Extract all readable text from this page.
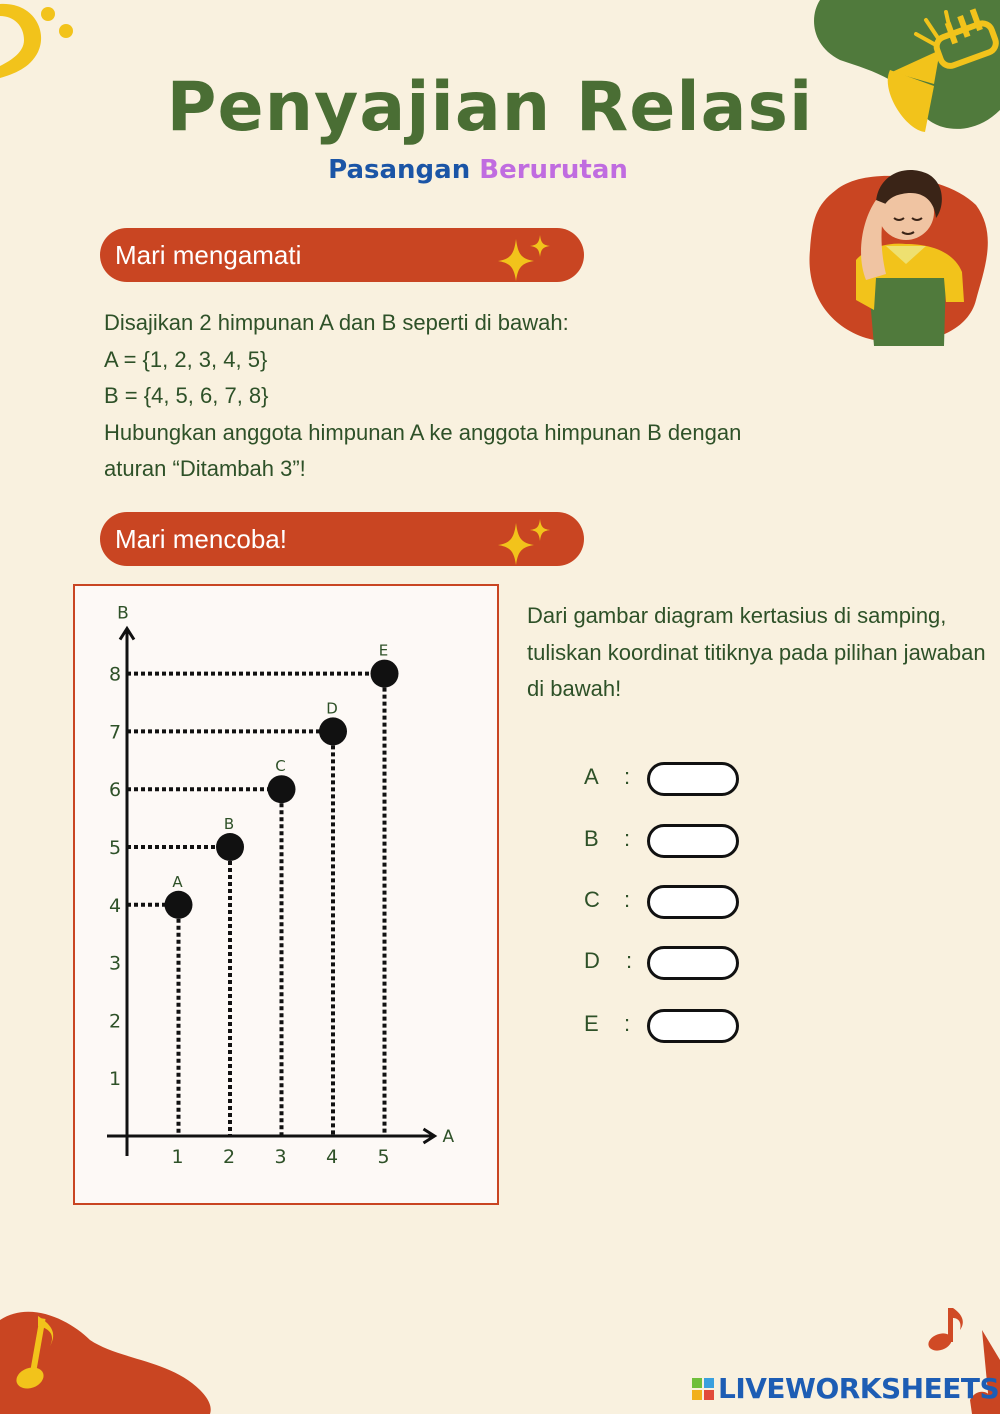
Penyajian Relasi
Pasangan Berurutan
Mari mengamati
Disajikan 2 himpunan A dan B seperti di bawah:
A = {1, 2, 3, 4, 5}
B = {4, 5, 6, 7, 8}
Hubungkan anggota himpunan A ke anggota himpunan B dengan
aturan “Ditambah 3”!
Mari mencoba!
B
A
1 2 3 4 5
1
2
3
4
5
6
7
8
A
B
C
D
E
Dari gambar diagram kertasius di samping, tuliskan koordinat titiknya pada pilihan jawaban di bawah!
A	:
B	:
C	:
D	:
E	:
LIVEWORKSHEETS
